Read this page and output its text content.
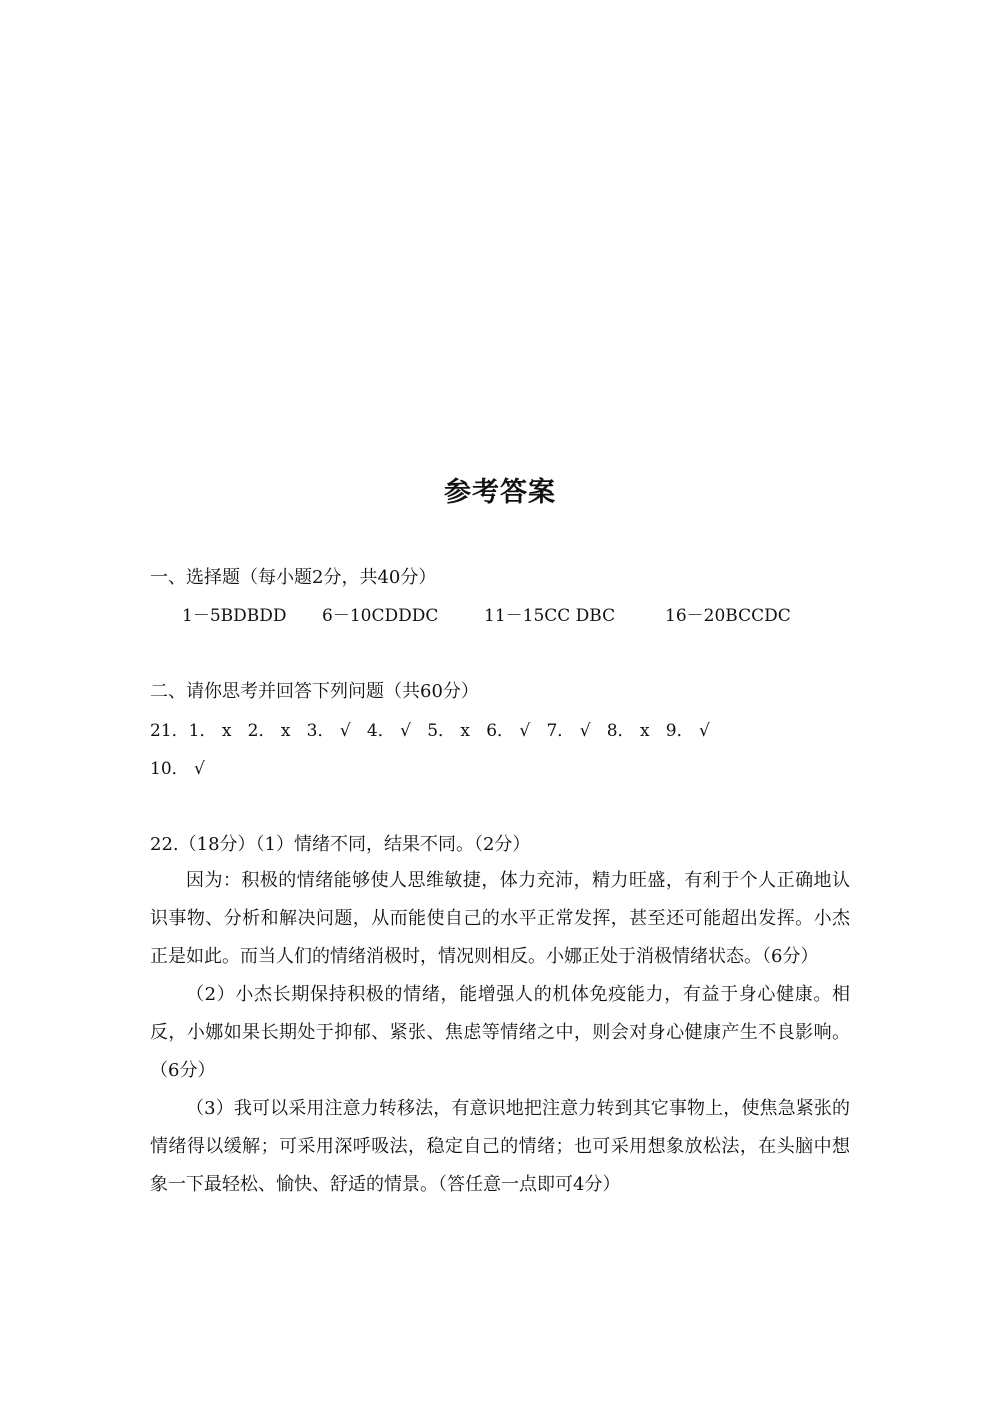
参考答案
一、选择题（每小题2分，共40分）
1－5BDBDD 6－10CDDDC	11－15CC DBC	16－20BCCDC
二、请你思考并回答下列问题（共60分）
21．1． x   2． x   3． √   4． √   5． x   6． √   7． √   8． x   9． √
10． √
22.（18分）（1）情绪不同，结果不同。（2分）

因为：积极的情绪能够使人思维敏捷，体力充沛，精力旺盛，有利于个人正确地认识事物、分析和解决问题，从而能使自己的水平正常发挥，甚至还可能超出发挥。小杰正是如此。而当人们的情绪消极时，情况则相反。小娜正处于消极情绪状态。（6分）

（2）小杰长期保持积极的情绪，能增强人的机体免疫能力，有益于身心健康。相反，小娜如果长期处于抑郁、紧张、焦虑等情绪之中，则会对身心健康产生不良影响。（6分）

（3）我可以采用注意力转移法，有意识地把注意力转到其它事物上，使焦急紧张的情绪得以缓解；可采用深呼吸法，稳定自己的情绪；也可采用想象放松法，在头脑中想象一下最轻松、愉快、舒适的情景。（答任意一点即可4分）
